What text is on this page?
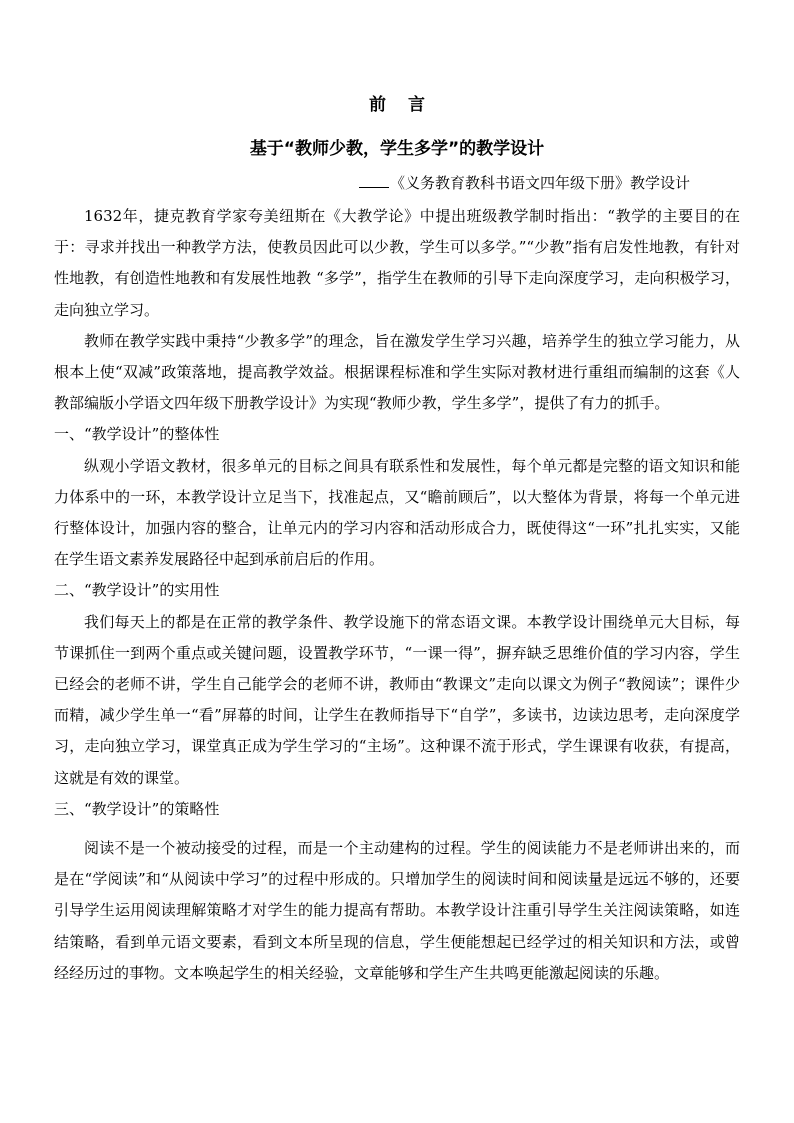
前言
基于“教师少教，学生多学”的教学设计
《义务教育教科书语文四年级下册》教学设计

1632年，捷克教育学家夸美纽斯在《大教学论》中提出班级教学制时指出：“教学的主要目的在于：寻求并找出一种教学方法，使教员因此可以少教，学生可以多学。”“少教”指有启发性地教，有针对性地教，有创造性地教和有发展性地教 “多学”，指学生在教师的引导下走向深度学习，走向积极学习，走向独立学习。

教师在教学实践中秉持“少教多学”的理念，旨在激发学生学习兴趣，培养学生的独立学习能力，从根本上使“双减”政策落地，提高教学效益。根据课程标准和学生实际对教材进行重组而编制的这套《人教部编版小学语文四年级下册教学设计》为实现“教师少教，学生多学”，提供了有力的抓手。

一、“教学设计”的整体性

纵观小学语文教材，很多单元的目标之间具有联系性和发展性，每个单元都是完整的语文知识和能力体系中的一环，本教学设计立足当下，找准起点，又“瞻前顾后”，以大整体为背景，将每一个单元进行整体设计，加强内容的整合，让单元内的学习内容和活动形成合力，既使得这“一环”扎扎实实，又能在学生语文素养发展路径中起到承前启后的作用。

二、“教学设计”的实用性

我们每天上的都是在正常的教学条件、教学设施下的常态语文课。本教学设计围绕单元大目标，每节课抓住一到两个重点或关键问题，设置教学环节，“一课一得”，摒弃缺乏思维价值的学习内容，学生已经会的老师不讲，学生自己能学会的老师不讲，教师由“教课文”走向以课文为例子“教阅读”；课件少而精，减少学生单一“看”屏幕的时间，让学生在教师指导下“自学”，多读书，边读边思考，走向深度学习，走向独立学习，课堂真正成为学生学习的“主场”。这种课不流于形式，学生课课有收获，有提高，这就是有效的课堂。

三、“教学设计”的策略性

阅读不是一个被动接受的过程，而是一个主动建构的过程。学生的阅读能力不是老师讲出来的，而是在“学阅读”和“从阅读中学习”的过程中形成的。只增加学生的阅读时间和阅读量是远远不够的，还要引导学生运用阅读理解策略才对学生的能力提高有帮助。本教学设计注重引导学生关注阅读策略，如连结策略，看到单元语文要素，看到文本所呈现的信息，学生便能想起已经学过的相关知识和方法，或曾经经历过的事物。文本唤起学生的相关经验，文章能够和学生产生共鸣更能激起阅读的乐趣。
